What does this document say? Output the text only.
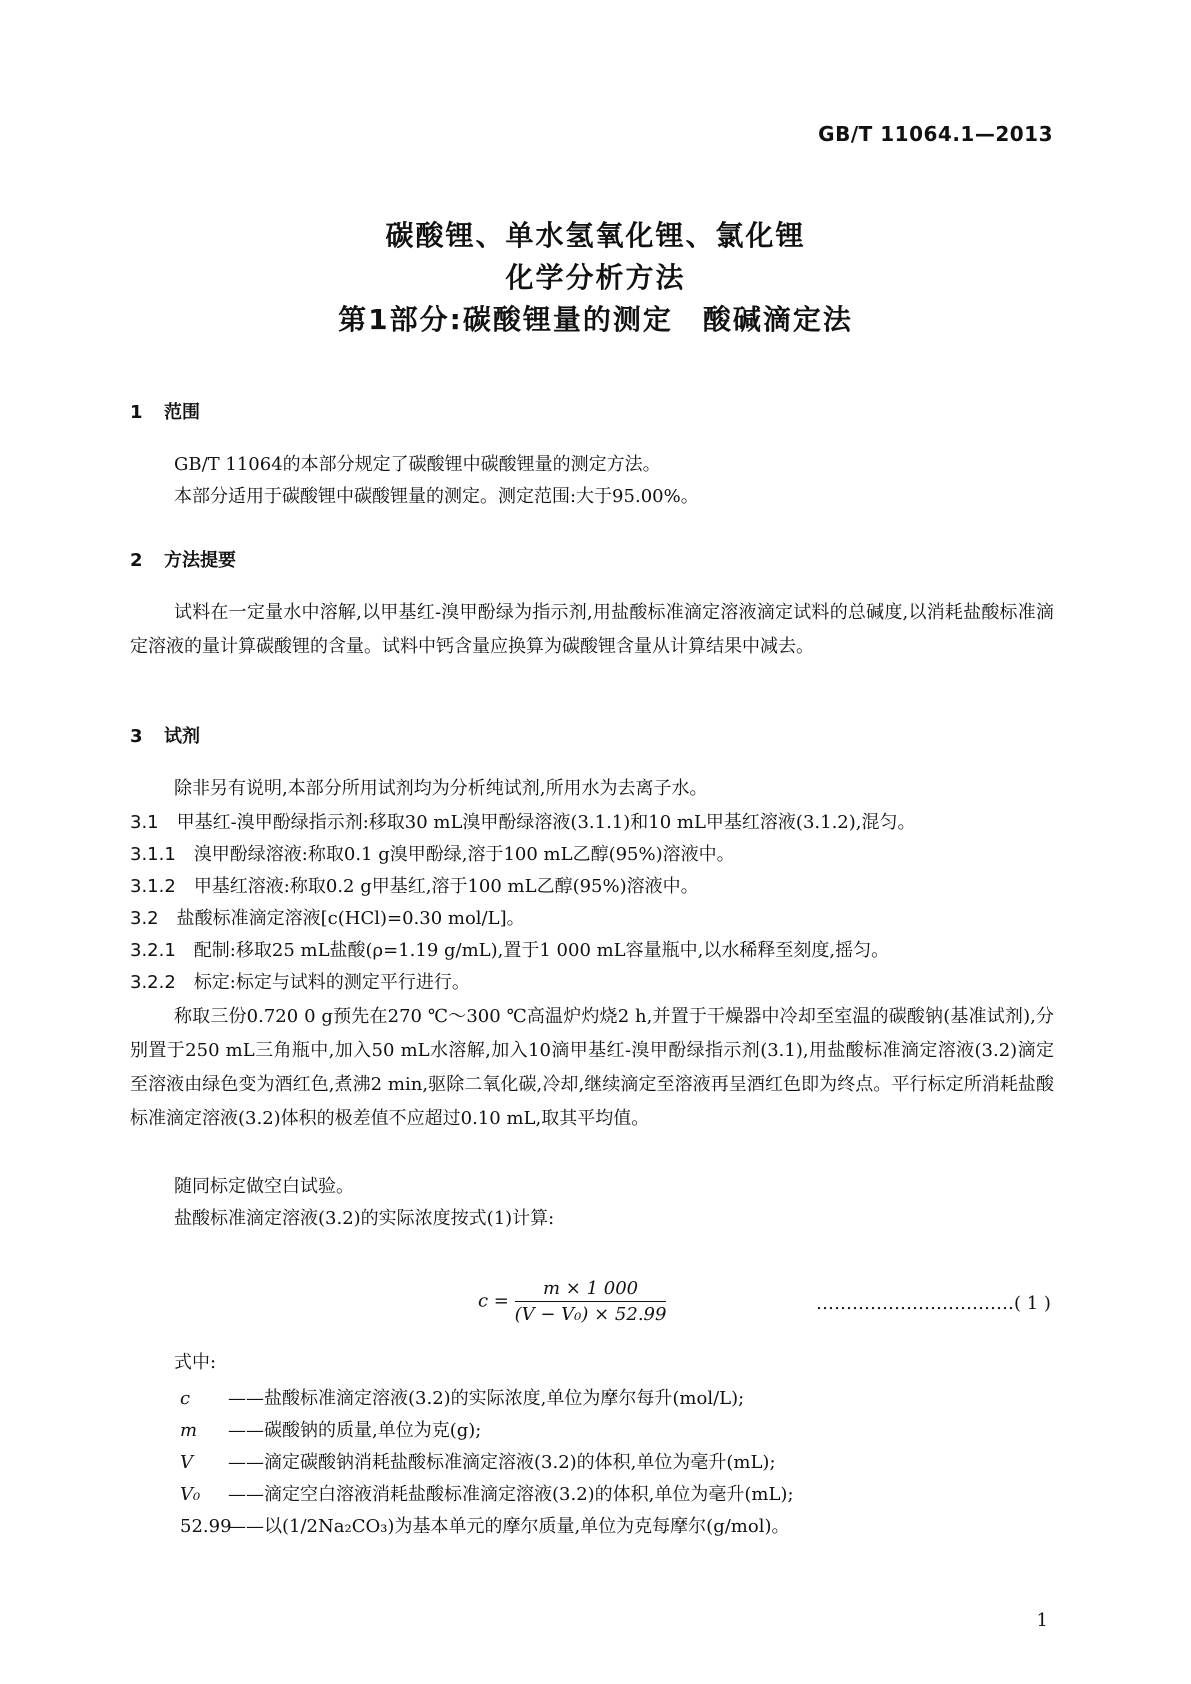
GB/T 11064.1—2013
碳酸锂、单水氢氧化锂、氯化锂
化学分析方法
第1部分:碳酸锂量的测定　酸碱滴定法
1 范围
GB/T 11064的本部分规定了碳酸锂中碳酸锂量的测定方法。
本部分适用于碳酸锂中碳酸锂量的测定。测定范围:大于95.00%。
2 方法提要
试料在一定量水中溶解,以甲基红-溴甲酚绿为指示剂,用盐酸标准滴定溶液滴定试料的总碱度,以消耗盐酸标准滴定溶液的量计算碳酸锂的含量。试料中钙含量应换算为碳酸锂含量从计算结果中减去。
3 试剂
除非另有说明,本部分所用试剂均为分析纯试剂,所用水为去离子水。
3.1 甲基红-溴甲酚绿指示剂:移取30 mL溴甲酚绿溶液(3.1.1)和10 mL甲基红溶液(3.1.2),混匀。
3.1.1 溴甲酚绿溶液:称取0.1 g溴甲酚绿,溶于100 mL乙醇(95%)溶液中。
3.1.2 甲基红溶液:称取0.2 g甲基红,溶于100 mL乙醇(95%)溶液中。
3.2 盐酸标准滴定溶液[c(HCl)=0.30 mol/L]。
3.2.1 配制:移取25 mL盐酸(ρ=1.19 g/mL),置于1 000 mL容量瓶中,以水稀释至刻度,摇匀。
3.2.2 标定:标定与试料的测定平行进行。
称取三份0.720 0 g预先在270 ℃～300 ℃高温炉灼烧2 h,并置于干燥器中冷却至室温的碳酸钠(基准试剂),分别置于250 mL三角瓶中,加入50 mL水溶解,加入10滴甲基红-溴甲酚绿指示剂(3.1),用盐酸标准滴定溶液(3.2)滴定至溶液由绿色变为酒红色,煮沸2 min,驱除二氧化碳,冷却,继续滴定至溶液再呈酒红色即为终点。平行标定所消耗盐酸标准滴定溶液(3.2)体积的极差值不应超过0.10 mL,取其平均值。
随同标定做空白试验。
盐酸标准滴定溶液(3.2)的实际浓度按式(1)计算:
$c = \frac{m \times 1 000}{\text{(V − V₀) × 52.99}}$	……………………………( 1 )
式中:
c ——盐酸标准滴定溶液(3.2)的实际浓度,单位为摩尔每升(mol/L);
m ——碳酸钠的质量,单位为克(g);
V ——滴定碳酸钠消耗盐酸标准滴定溶液(3.2)的体积,单位为毫升(mL);
V₀ ——滴定空白溶液消耗盐酸标准滴定溶液(3.2)的体积,单位为毫升(mL);
52.99——以(1/2Na₂CO₃)为基本单元的摩尔质量,单位为克每摩尔(g/mol)。
1
